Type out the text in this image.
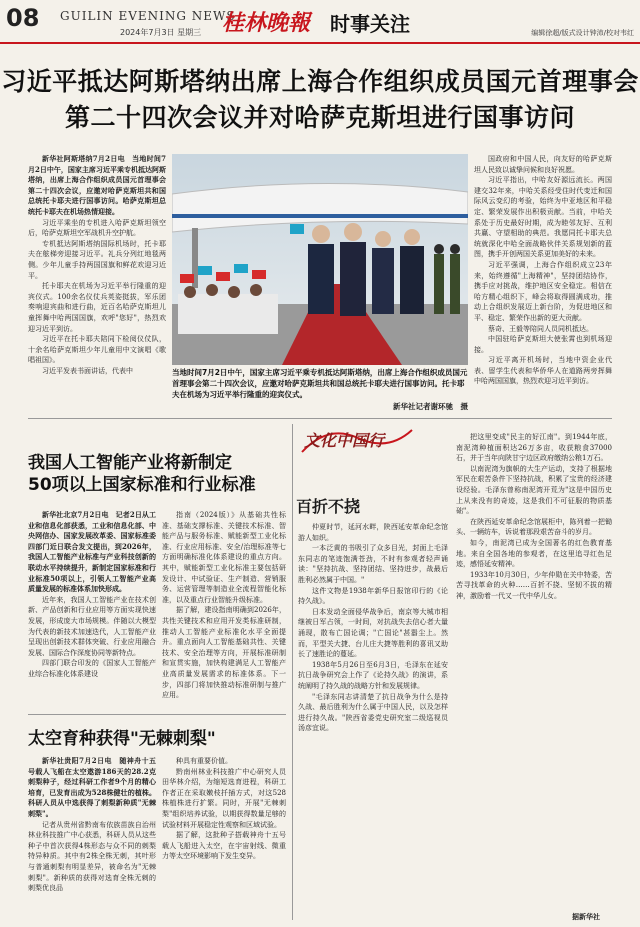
08 GUILIN EVENING NEWS
2024年7月3日 星期三 桂林晚報 时事关注	编辑徐超/版式设计钟沛/校对韦红
习近平抵达阿斯塔纳出席上海合作组织成员国元首理事会
第二十四次会议并对哈萨克斯坦进行国事访问

新华社阿斯塔纳7月2日电　当地时间7月2日中午，国家主席习近平乘专机抵达阿斯塔纳，出席上海合作组织成员国元首理事会第二十四次会议，应邀对哈萨克斯坦共和国总统托卡耶夫进行国事访问。哈萨克斯坦总统托卡耶夫在机场热情迎接。

习近平乘坐的专机进入哈萨克斯坦领空后，哈萨克斯坦空军战机升空护航。

专机抵达阿斯塔纳国际机场时，托卡耶夫在舷梯旁迎接习近平。礼兵分列红地毯两侧。少年儿童手持两国国旗和鲜花欢迎习近平。

托卡耶夫在机场为习近平举行隆重的迎宾仪式。100余名仪仗兵英姿挺拔，军乐团奏响迎宾曲和进行曲，近百名哈萨克斯坦儿童挥舞中哈两国国旗，欢呼"您好"，热烈欢迎习近平到访。

习近平在托卡耶夫陪同下检阅仪仗队，十余名哈萨克斯坦少年儿童用中文演唱《歌唱祖国》。

习近平发表书面讲话，代表中	当地时间7月2日中午，国家主席习近平乘专机抵达阿斯塔纳，出席上海合作组织成员国元首理事会第二十四次会议，应邀对哈萨克斯坦共和国总统托卡耶夫进行国事访问。托卡耶夫在机场为习近平举行隆重的迎宾仪式。
新华社记者谢环驰　摄

国政府和中国人民，向友好的哈萨克斯坦人民致以诚挚问候和良好祝愿。

习近平指出，中哈友好源远流长。两国建交32年来，中哈关系经受住时代变迁和国际风云变幻的考验，始终为中亚地区和平稳定、繁荣发展作出积极贡献。当前，中哈关系处于历史最好时期，成为睦邻友好、互利共赢、守望相助的典范。我愿同托卡耶夫总统就深化中哈全面战略伙伴关系规划新的蓝图，携手开创两国关系更加美好的未来。

习近平强调，上海合作组织成立23年来，始终遵循"上海精神"，坚持团结协作，携手应对挑战，维护地区安全稳定。相信在哈方精心组织下，峰会将取得圆满成功，推动上合组织发展迈上新台阶，为促进地区和平、稳定、繁荣作出新的更大贡献。

蔡奇、王毅等陪同人员同机抵达。

中国驻哈萨克斯坦大使张霄也到机场迎接。

习近平离开机场时，当地中资企业代表、留学生代表和华侨华人在道路两旁挥舞中哈两国国旗，热烈欢迎习近平到访。

我国人工智能产业将新制定
50项以上国家标准和行业标准

新华社北京7月2日电　记者2日从工业和信息化部获悉，工业和信息化部、中央网信办、国家发展改革委、国家标准委四部门近日联合发文提出，到2026年，我国人工智能产业标准与产业科技创新的联动水平持续提升，新制定国家标准和行业标准50项以上，引领人工智能产业高质量发展的标准体系加快形成。

近年来，我国人工智能产业在技术创新、产品创新和行业应用等方面实现快速发展，形成庞大市场规模。伴随以大模型为代表的新技术加速迭代，人工智能产业呈现出创新技术群体突破、行业应用融合发展、国际合作深度协同等新特点。

四部门联合印发的《国家人工智能产业综合标准化体系建设

指南（2024版）》从基础共性标准、基础支撑标准、关键技术标准、智能产品与服务标准、赋能新型工业化标准、行业应用标准、安全/治理标准等七方面明确标准化体系建设的重点方向。其中，赋能新型工业化标准主要包括研发设计、中试验证、生产制造、营销服务、运营管理等制造业全流程智能化标准，以及重点行业智能升级标准。

据了解，建设指南明确到2026年，共性关键技术和应用开发类标准研制，推动人工智能产业标准化水平全面提升。重点面向人工智能基础共性、关键技术、安全治理等方向，开展标准研制和宣贯实施，加快构建满足人工智能产业高质量发展需求的标准体系。下一步，四部门将加快推动标准研制与推广应用。

太空育种获得"无棘刺梨"

新华社贵阳7月2日电　随神舟十五号载人飞船在太空遨游186天的28.2克刺梨种子，经过科研工作者9个月的精心培育，已发育出成为528株健壮的植株。科研人员从中选获得了刺梨新种质"无棘刺梨"。

记者从贵州省黔南布依族苗族自治州林业科技推广中心获悉，科研人员从这些种子中首次获得4株形态与众不同的刺梨特异种质。其中有2株全株无刺，其叶形与普通刺梨有明显差异，被命名为"无棘刺梨"。新种质的获得对选育全株无刺的刺梨优良品

种具有重要价值。

黔南州林业科技推广中心研究人员田华林介绍，为缩短选育进程，科研工作者正在采取嫩枝扦插方式，对这528株植株进行扩繁。同时，开展"无棘刺梨"组织培养试验，以期获得数量足够的试验材料开展稳定性观察和区域试验。

据了解，这批种子搭载神舟十五号载人飞船进入太空，在宇宙射线、微重力等太空环境影响下发生变异。

文化中国行
百折不挠

仲夏时节，延河水畔，陕西延安革命纪念馆游人如织。

一本泛黄的书吸引了众多目光，封面上毛泽东同志的笔迹饱满苍劲，不时有参观者轻声诵读："坚持抗战、坚持团结、坚持进步，战最后胜利必然属于中国。"

这件文物是1938年新华日报馆印行的《论持久战》。

日本发动全面侵华战争后，南京等大城市相继被日军占领，一时间，对抗战失去信心者大量涌现，散布亡国论调；"亡国论"甚嚣尘上。然而，平型关大捷、台儿庄大捷等胜利的喜讯又助长了速胜论的蔓延。

1938年5月26日至6月3日，毛泽东在延安抗日战争研究会上作了《论持久战》的演讲，系统阐明了持久战的战略方针和发展规律。

"毛泽东同志讲清楚了抗日战争为什么是持久战、最后胜利为什么属于中国人民，以及怎样进行持久战。"陕西省委党史研究室二级巡视员汤彦宜说。

把这里变成"民主的好江南"。到1944年底，南泥湾种植面积达26万多亩，收获粮食37000石，并于当年向陕甘宁边区政府缴纳公粮1万石。

以南泥湾为旗帜的大生产运动，支持了根据地军民在艰苦条件下坚持抗战，积累了宝贵的经济建设经验。毛泽东曾称南泥湾开荒为"这是中国历史上从来没有的奇迹，这是我们不可征服的物质基础"。

在陕西延安革命纪念馆展柜中，陈列着一把锄头、一辆纺车，诉说着那段艰苦奋斗的岁月。

如今，南泥湾已成为全国著名的红色教育基地。来自全国各地的参观者，在这里追寻红色足迹，感悟延安精神。

1933年10月30日，少年仲勋在关中特委，苦苦寻找革命的火种……百折不挠、坚韧不拔的精神，激励着一代又一代中华儿女。

据新华社
